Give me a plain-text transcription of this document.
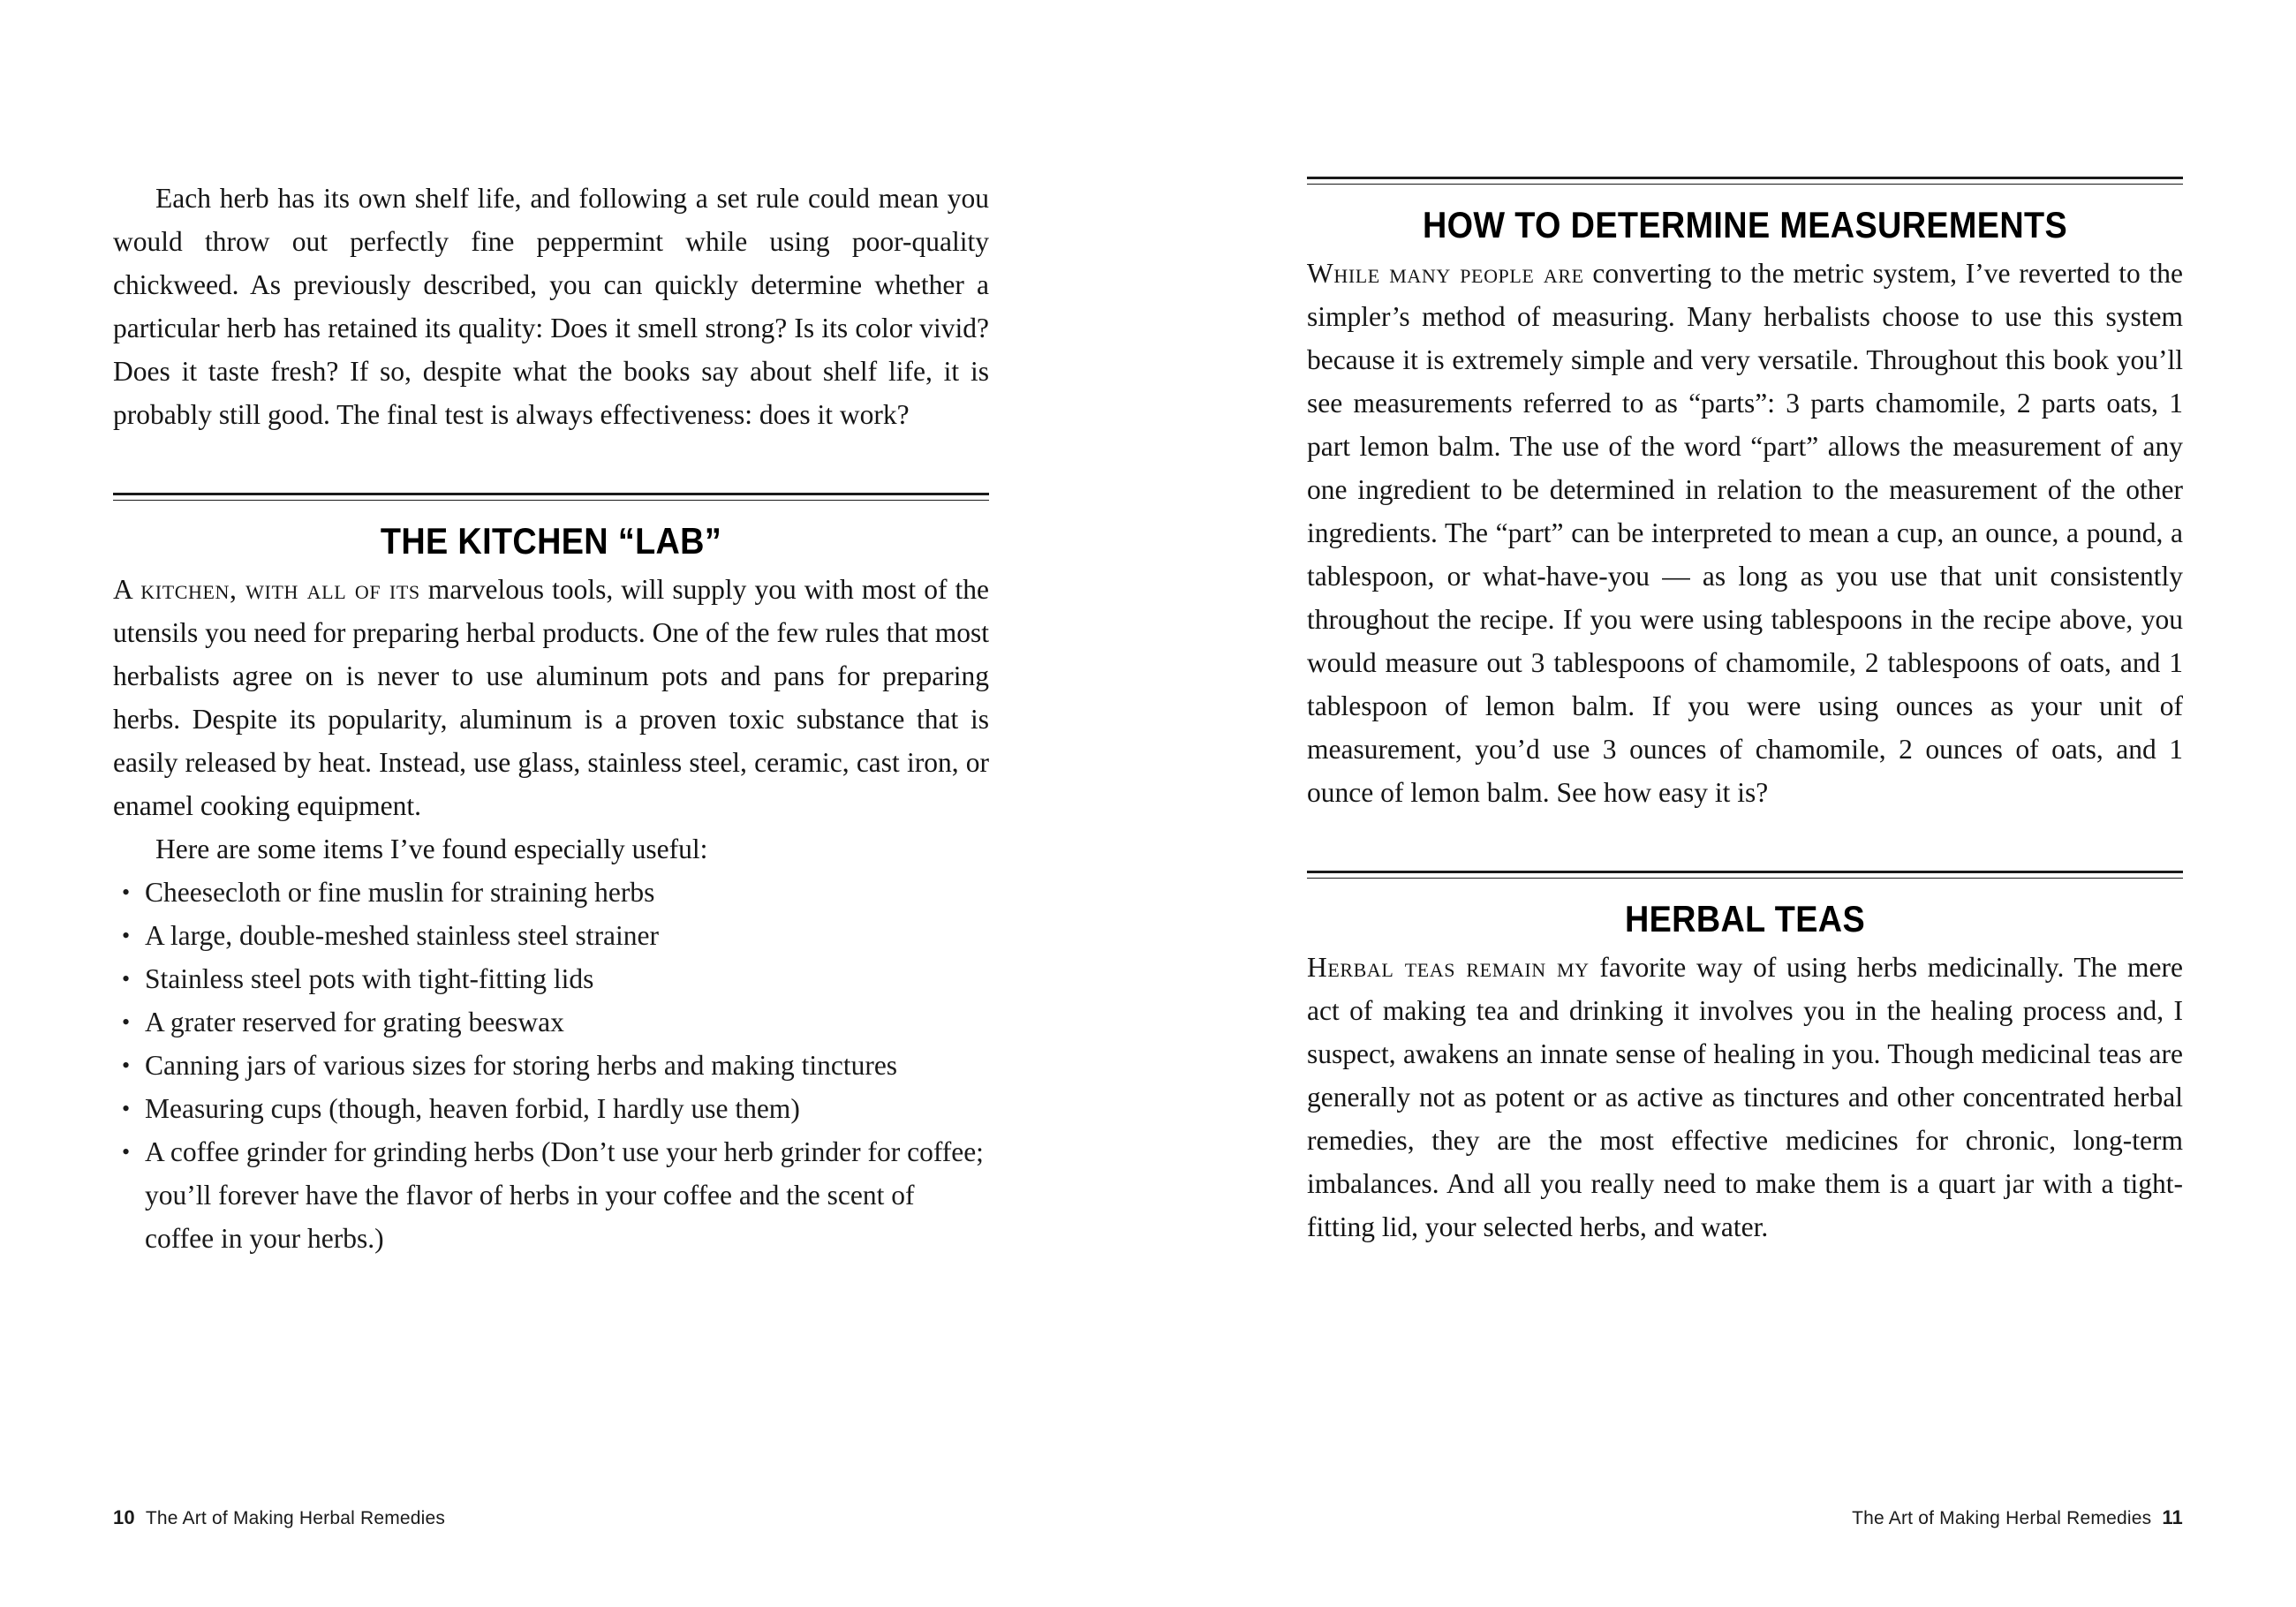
Each herb has its own shelf life, and following a set rule could mean you would throw out perfectly fine peppermint while using poor-quality chickweed. As previously described, you can quickly determine whether a particular herb has retained its quality: Does it smell strong? Is its color vivid? Does it taste fresh? If so, despite what the books say about shelf life, it is probably still good. The final test is always effectiveness: does it work?

THE KITCHEN “LAB”

A kitchen, with all of its marvelous tools, will supply you with most of the utensils you need for preparing herbal products. One of the few rules that most herbalists agree on is never to use aluminum pots and pans for preparing herbs. Despite its popularity, aluminum is a proven toxic substance that is easily released by heat. Instead, use glass, stainless steel, ceramic, cast iron, or enamel cooking equipment.

Here are some items I’ve found especially useful:

• Cheesecloth or fine muslin for straining herbs
• A large, double-meshed stainless steel strainer
• Stainless steel pots with tight-fitting lids
• A grater reserved for grating beeswax
• Canning jars of various sizes for storing herbs and making tinctures
• Measuring cups (though, heaven forbid, I hardly use them)
• A coffee grinder for grinding herbs (Don’t use your herb grinder for coffee; you’ll forever have the flavor of herbs in your coffee and the scent of coffee in your herbs.)
10 The Art of Making Herbal Remedies
HOW TO DETERMINE MEASUREMENTS

While many people are converting to the metric system, I’ve reverted to the simpler’s method of measuring. Many herbalists choose to use this system because it is extremely simple and very versatile. Throughout this book you’ll see measurements referred to as “parts”: 3 parts chamomile, 2 parts oats, 1 part lemon balm. The use of the word “part” allows the measurement of any one ingredient to be determined in relation to the measurement of the other ingredients. The “part” can be interpreted to mean a cup, an ounce, a pound, a tablespoon, or what-have-you — as long as you use that unit consistently throughout the recipe. If you were using tablespoons in the recipe above, you would measure out 3 tablespoons of chamomile, 2 tablespoons of oats, and 1 tablespoon of lemon balm. If you were using ounces as your unit of measurement, you’d use 3 ounces of chamomile, 2 ounces of oats, and 1 ounce of lemon balm. See how easy it is?

HERBAL TEAS

Herbal teas remain my favorite way of using herbs medicinally. The mere act of making tea and drinking it involves you in the healing process and, I suspect, awakens an innate sense of healing in you. Though medicinal teas are generally not as potent or as active as tinctures and other concentrated herbal remedies, they are the most effective medicines for chronic, long-term imbalances. And all you really need to make them is a quart jar with a tight-fitting lid, your selected herbs, and water.

The Art of Making Herbal Remedies 11
